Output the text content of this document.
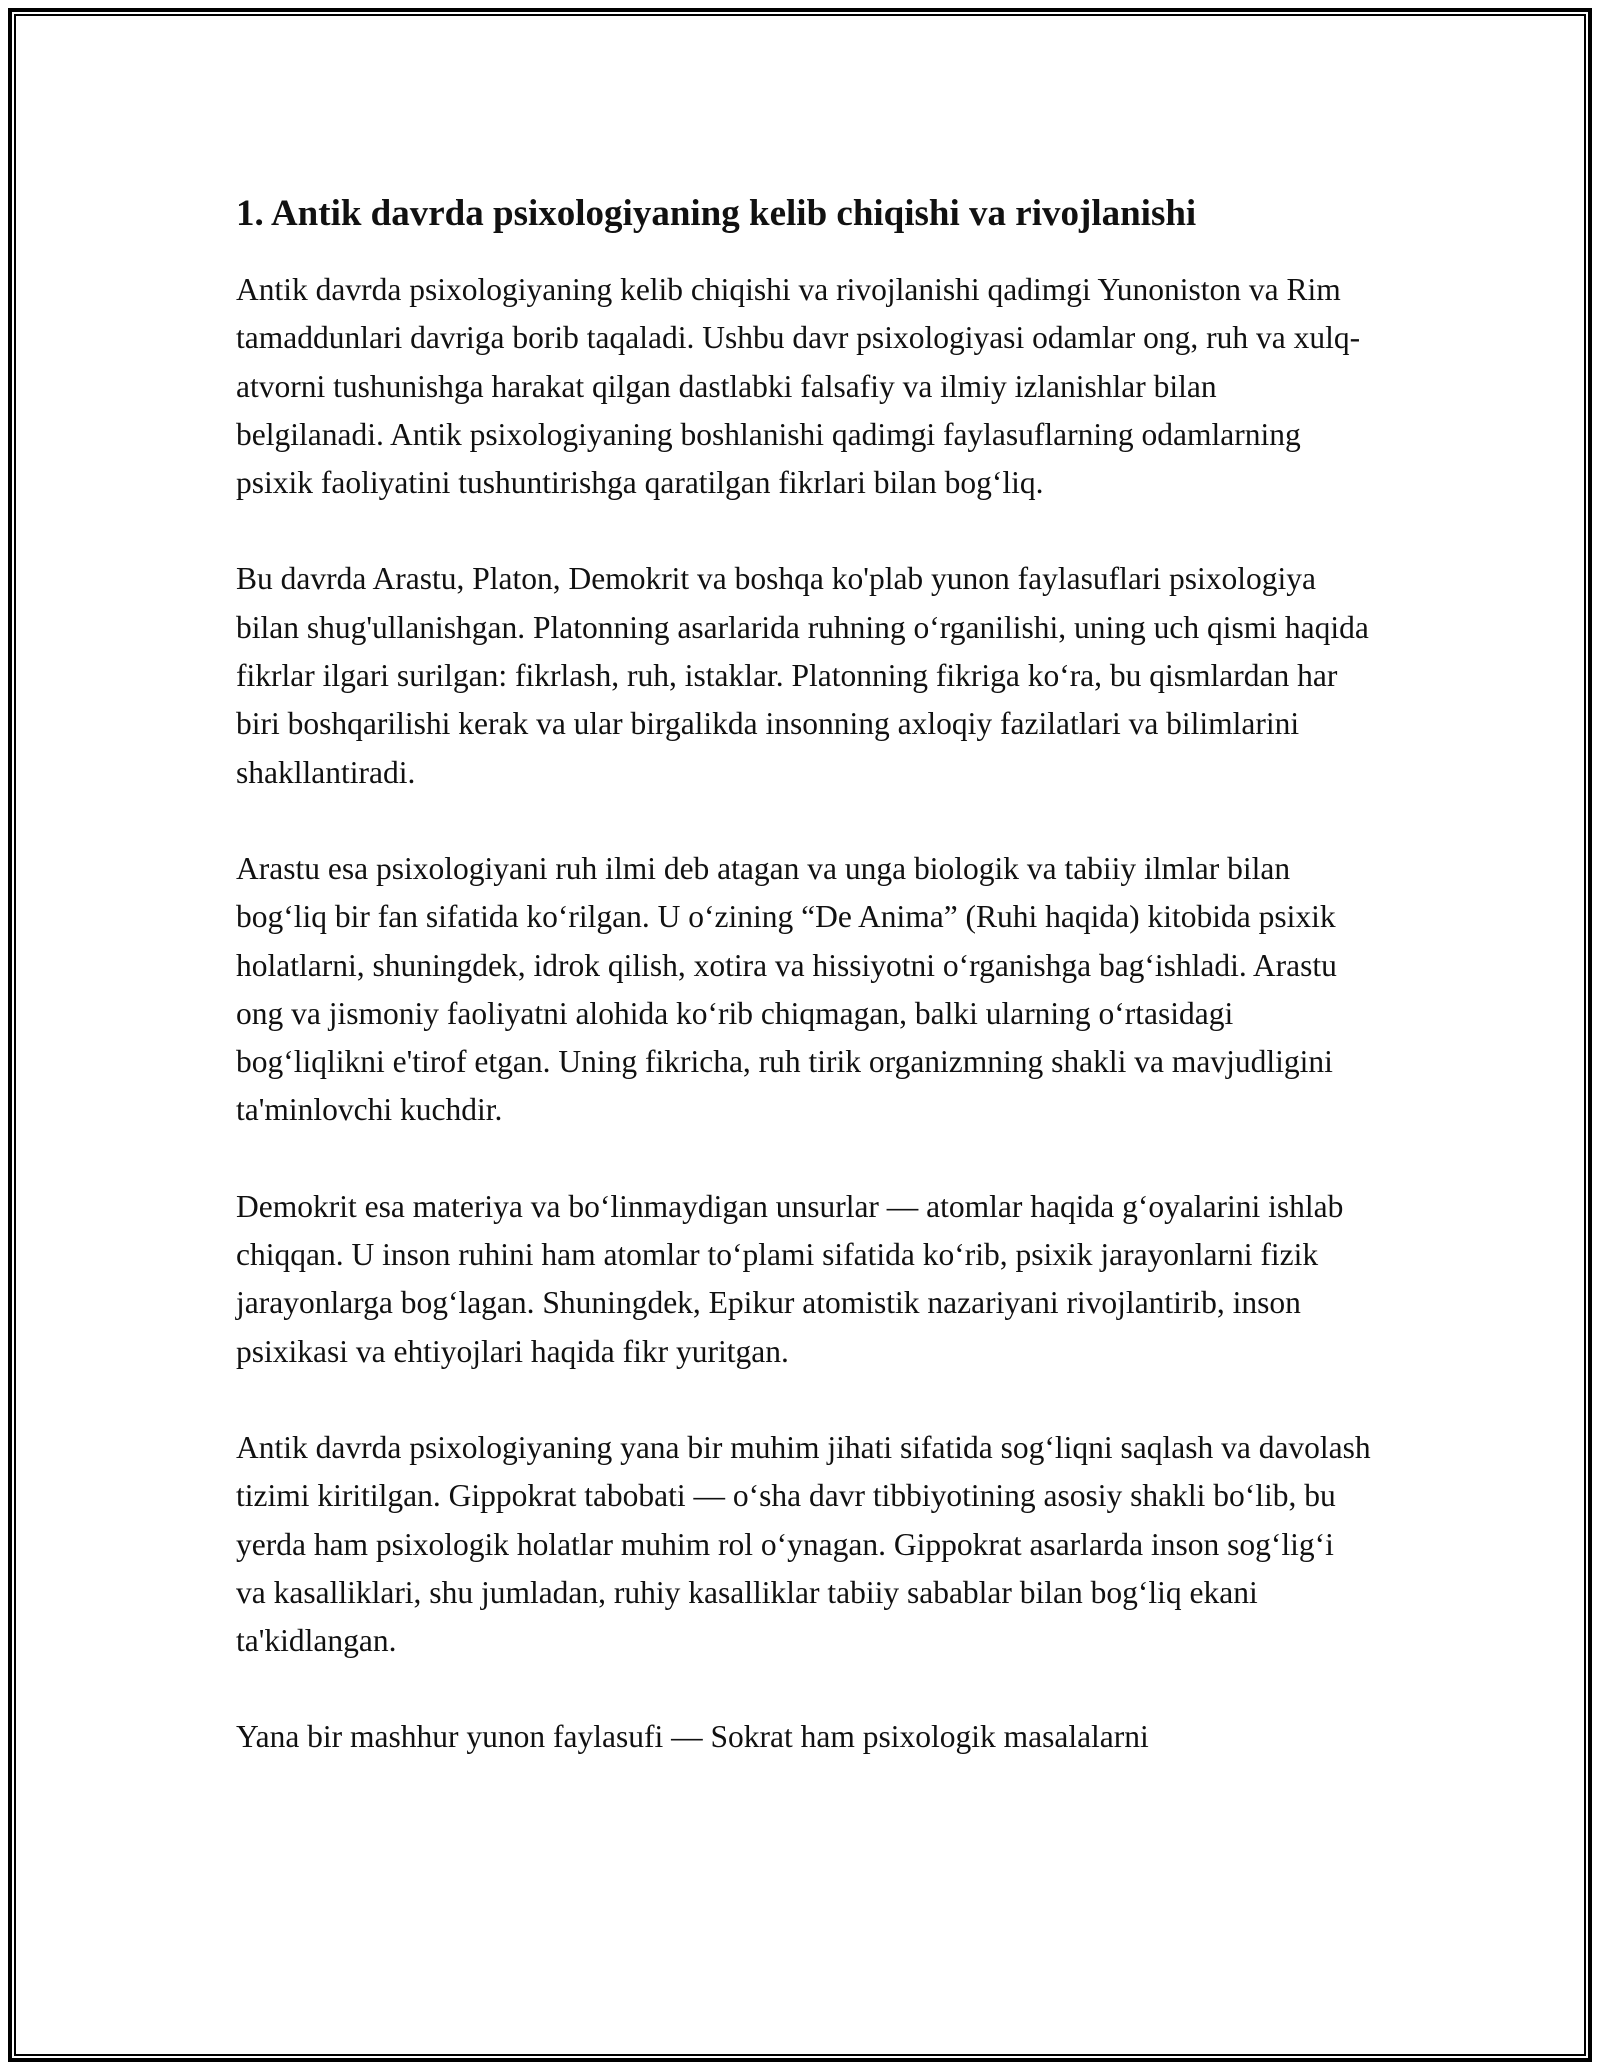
1. Antik davrda psixologiyaning kelib chiqishi va rivojlanishi

Antik davrda psixologiyaning kelib chiqishi va rivojlanishi qadimgi Yunoniston va Rim tamaddunlari davriga borib taqaladi. Ushbu davr psixologiyasi odamlar ong, ruh va xulq-atvorni tushunishga harakat qilgan dastlabki falsafiy va ilmiy izlanishlar bilan belgilanadi. Antik psixologiyaning boshlanishi qadimgi faylasuflarning odamlarning psixik faoliyatini tushuntirishga qaratilgan fikrlari bilan bog‘liq.

Bu davrda Arastu, Platon, Demokrit va boshqa ko'plab yunon faylasuflari psixologiya bilan shug'ullanishgan. Platonning asarlarida ruhning o‘rganilishi, uning uch qismi haqida fikrlar ilgari surilgan: fikrlash, ruh, istaklar. Platonning fikriga ko‘ra, bu qismlardan har biri boshqarilishi kerak va ular birgalikda insonning axloqiy fazilatlari va bilimlarini shakllantiradi.

Arastu esa psixologiyani ruh ilmi deb atagan va unga biologik va tabiiy ilmlar bilan bog‘liq bir fan sifatida ko‘rilgan. U o‘zining “De Anima” (Ruhi haqida) kitobida psixik holatlarni, shuningdek, idrok qilish, xotira va hissiyotni o‘rganishga bag‘ishladi. Arastu ong va jismoniy faoliyatni alohida ko‘rib chiqmagan, balki ularning o‘rtasidagi bog‘liqlikni e'tirof etgan. Uning fikricha, ruh tirik organizmning shakli va mavjudligini ta'minlovchi kuchdir.

Demokrit esa materiya va bo‘linmaydigan unsurlar — atomlar haqida g‘oyalarini ishlab chiqqan. U inson ruhini ham atomlar to‘plami sifatida ko‘rib, psixik jarayonlarni fizik jarayonlarga bog‘lagan. Shuningdek, Epikur atomistik nazariyani rivojlantirib, inson psixikasi va ehtiyojlari haqida fikr yuritgan.

Antik davrda psixologiyaning yana bir muhim jihati sifatida sog‘liqni saqlash va davolash tizimi kiritilgan. Gippokrat tabobati — o‘sha davr tibbiyotining asosiy shakli bo‘lib, bu yerda ham psixologik holatlar muhim rol o‘ynagan. Gippokrat asarlarda inson sog‘lig‘i va kasalliklari, shu jumladan, ruhiy kasalliklar tabiiy sabablar bilan bog‘liq ekani ta'kidlangan.

Yana bir mashhur yunon faylasufi — Sokrat ham psixologik masalalarni
